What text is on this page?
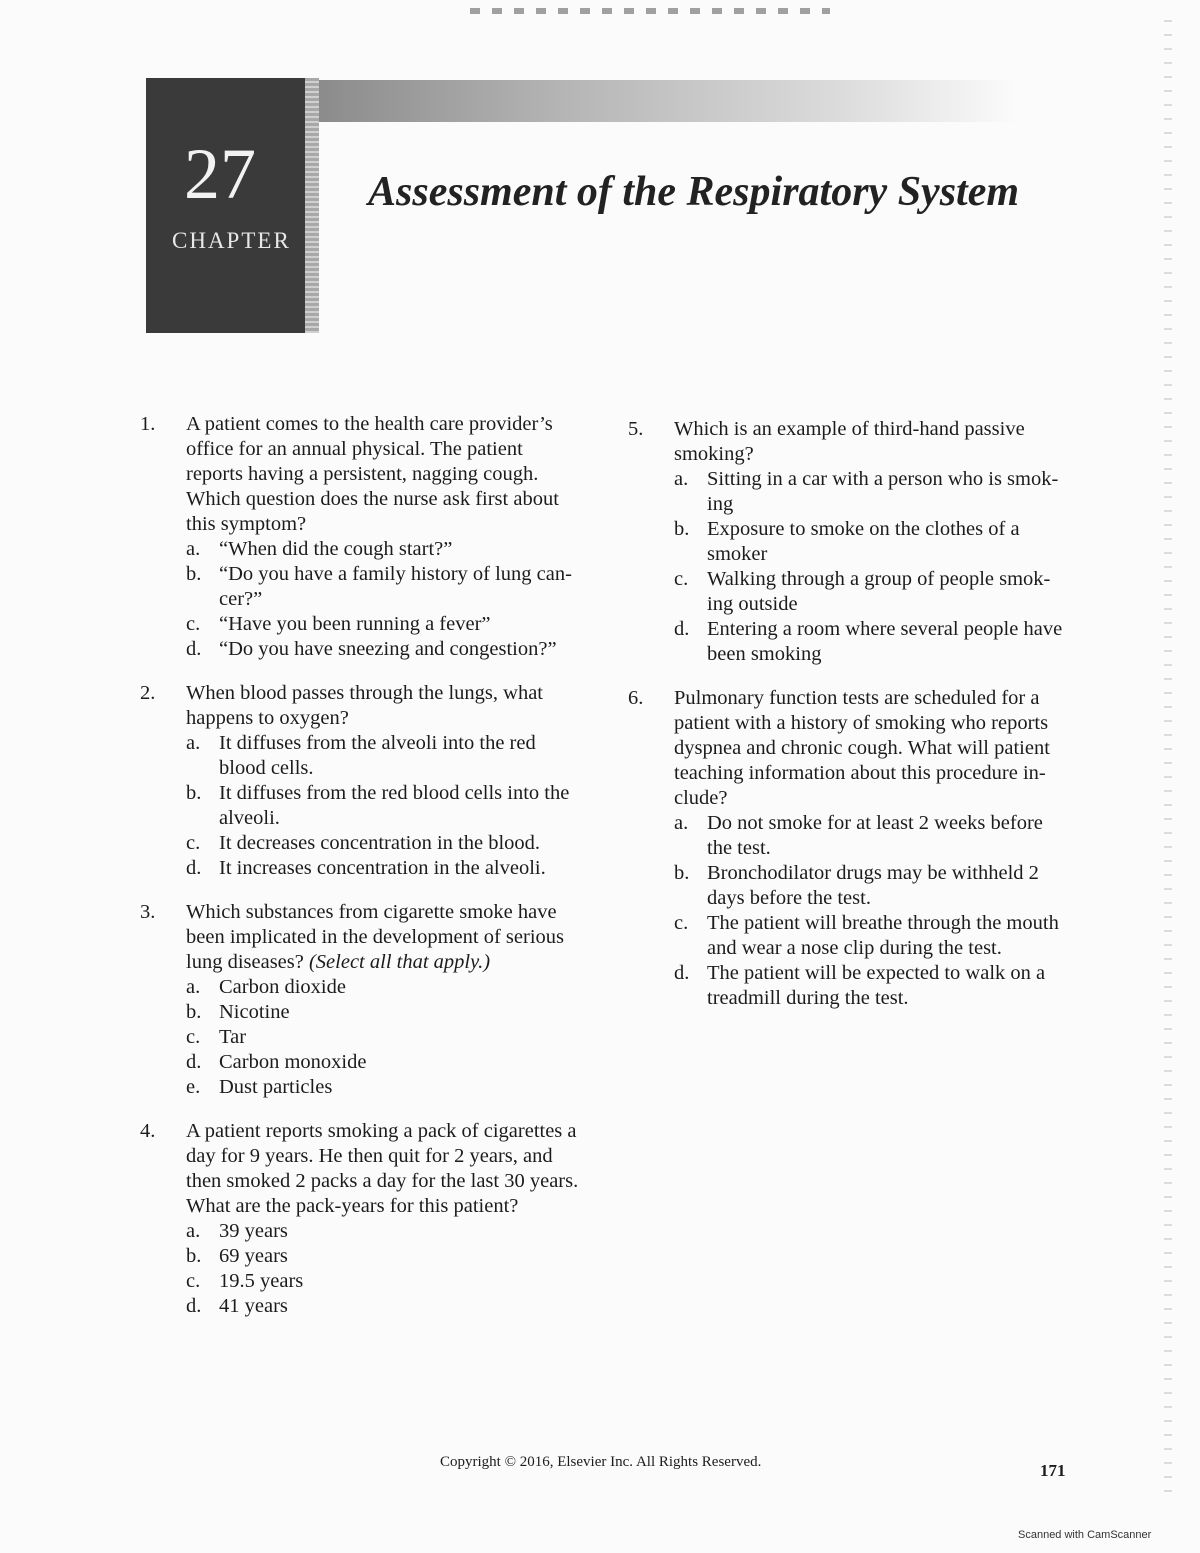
27
CHAPTER
Assessment of the Respiratory System
1.	A patient comes to the health care provider’s office for an annual physical. The patient reports having a persistent, nagging cough. Which question does the nurse ask first about this symptom?
a. “When did the cough start?”
b. “Do you have a family history of lung can-cer?”
c. “Have you been running a fever”
d. “Do you have sneezing and congestion?”
2.	When blood passes through the lungs, what happens to oxygen?
a. It diffuses from the alveoli into the red blood cells.
b. It diffuses from the red blood cells into the alveoli.
c. It decreases concentration in the blood.
d. It increases concentration in the alveoli.
3.	Which substances from cigarette smoke have been implicated in the development of serious lung diseases? (Select all that apply.)
a. Carbon dioxide
b. Nicotine
c. Tar
d. Carbon monoxide
e. Dust particles
4.	A patient reports smoking a pack of cigarettes a day for 9 years. He then quit for 2 years, and then smoked 2 packs a day for the last 30 years. What are the pack-years for this patient?
a. 39 years
b. 69 years
c. 19.5 years
d. 41 years
5.	Which is an example of third-hand passive smoking?
a. Sitting in a car with a person who is smok-ing
b. Exposure to smoke on the clothes of a smoker
c. Walking through a group of people smok-ing outside
d. Entering a room where several people have been smoking
6.	Pulmonary function tests are scheduled for a patient with a history of smoking who reports dyspnea and chronic cough. What will patient teaching information about this procedure in-clude?
a. Do not smoke for at least 2 weeks before the test.
b. Bronchodilator drugs may be withheld 2 days before the test.
c. The patient will breathe through the mouth and wear a nose clip during the test.
d. The patient will be expected to walk on a treadmill during the test.
Copyright © 2016, Elsevier Inc. All Rights Reserved.	171
Scanned with CamScanner
